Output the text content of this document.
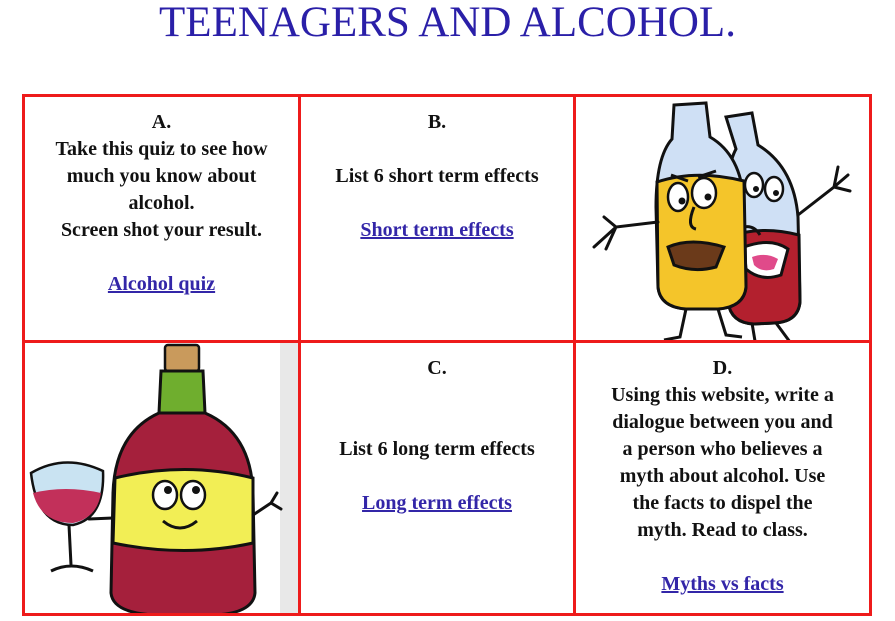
TEENAGERS AND ALCOHOL.

A.

Take this quiz to see how

much you know about

alcohol.

Screen shot your result.

Alcohol quiz

B.

List 6 short term effects

Short term effects

C.

List 6 long term effects

Long term effects

D.

Using this website, write a

dialogue between you and

a person who believes a

myth about alcohol. Use

the facts to dispel the

myth. Read to class.

Myths vs facts
